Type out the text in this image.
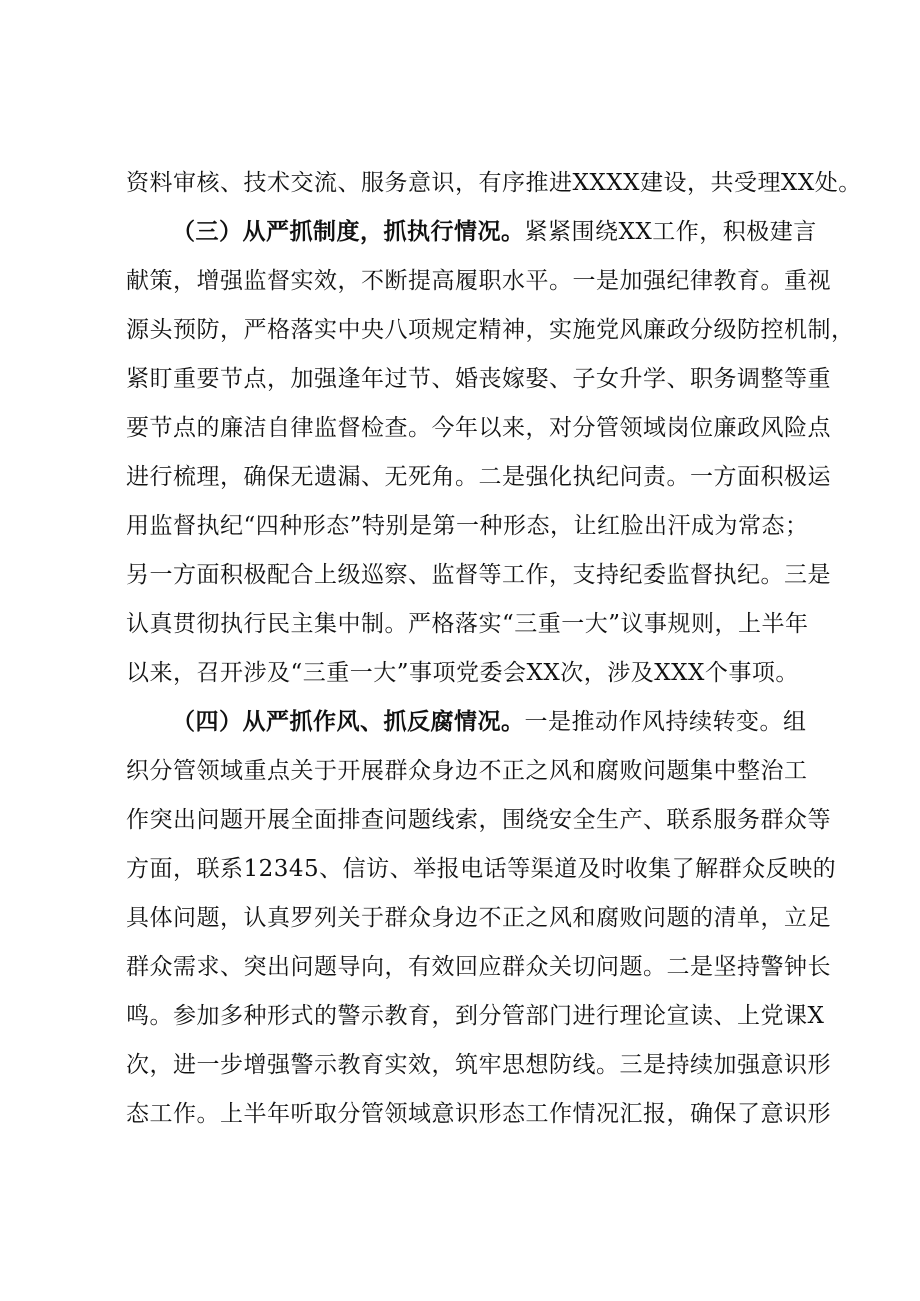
资料审核、技术交流、服务意识，有序推进XXXX建设，共受理XX处。
（三）从严抓制度，抓执行情况。紧紧围绕XX工作，积极建言
献策，增强监督实效，不断提高履职水平。一是加强纪律教育。重视
源头预防，严格落实中央八项规定精神，实施党风廉政分级防控机制，
紧盯重要节点，加强逢年过节、婚丧嫁娶、子女升学、职务调整等重
要节点的廉洁自律监督检查。今年以来，对分管领域岗位廉政风险点
进行梳理，确保无遗漏、无死角。二是强化执纪问责。一方面积极运
用监督执纪“四种形态”特别是第一种形态，让红脸出汗成为常态；
另一方面积极配合上级巡察、监督等工作，支持纪委监督执纪。三是
认真贯彻执行民主集中制。严格落实“三重一大”议事规则，上半年
以来，召开涉及“三重一大”事项党委会XX次，涉及XXX个事项。
（四）从严抓作风、抓反腐情况。一是推动作风持续转变。组
织分管领域重点关于开展群众身边不正之风和腐败问题集中整治工
作突出问题开展全面排查问题线索，围绕安全生产、联系服务群众等
方面，联系12345、信访、举报电话等渠道及时收集了解群众反映的
具体问题，认真罗列关于群众身边不正之风和腐败问题的清单，立足
群众需求、突出问题导向，有效回应群众关切问题。二是坚持警钟长
鸣。参加多种形式的警示教育，到分管部门进行理论宣读、上党课X
次，进一步增强警示教育实效，筑牢思想防线。三是持续加强意识形
态工作。上半年听取分管领域意识形态工作情况汇报，确保了意识形
